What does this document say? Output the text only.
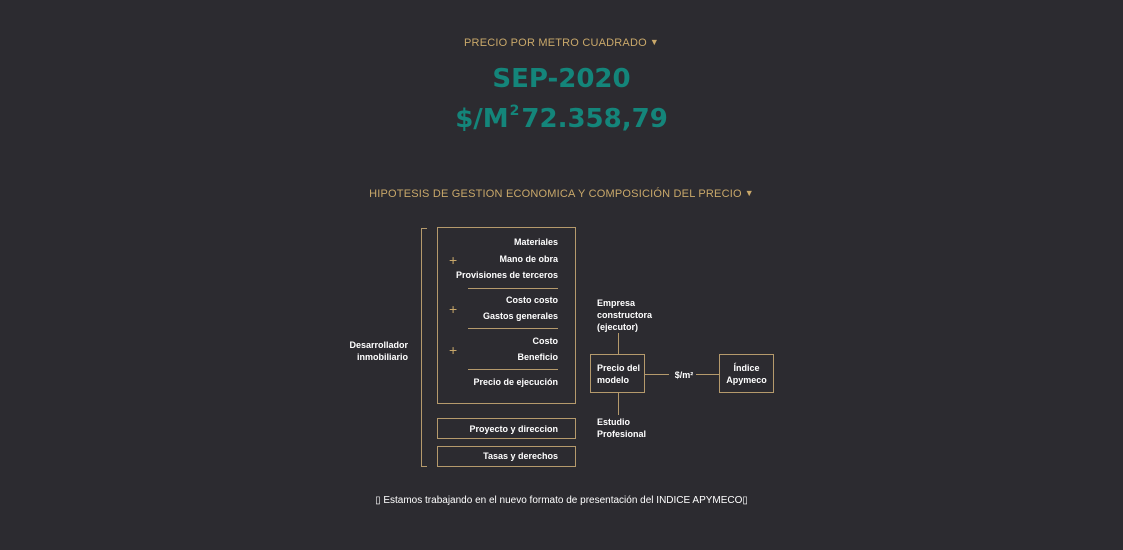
PRECIO POR METRO CUADRADO ▼
SEP-2020
$\$/M^272.358,79$
HIPOTESIS DE GESTION ECONOMICA Y COMPOSICIÓN DEL PRECIO ▼
Desarrollador inmobiliario
Materiales
Mano de obra
Provisiones de terceros
+
Costo costo
Gastos generales
+
Costo
Beneficio
+
Precio de ejecución
Proyecto y direccion
Tasas y derechos
Empresa constructora (ejecutor)
Precio del modelo	$/m²
Índice Apymeco
Estudio Profesional
▯ Estamos trabajando en el nuevo formato de presentación del INDICE APYMECO▯
